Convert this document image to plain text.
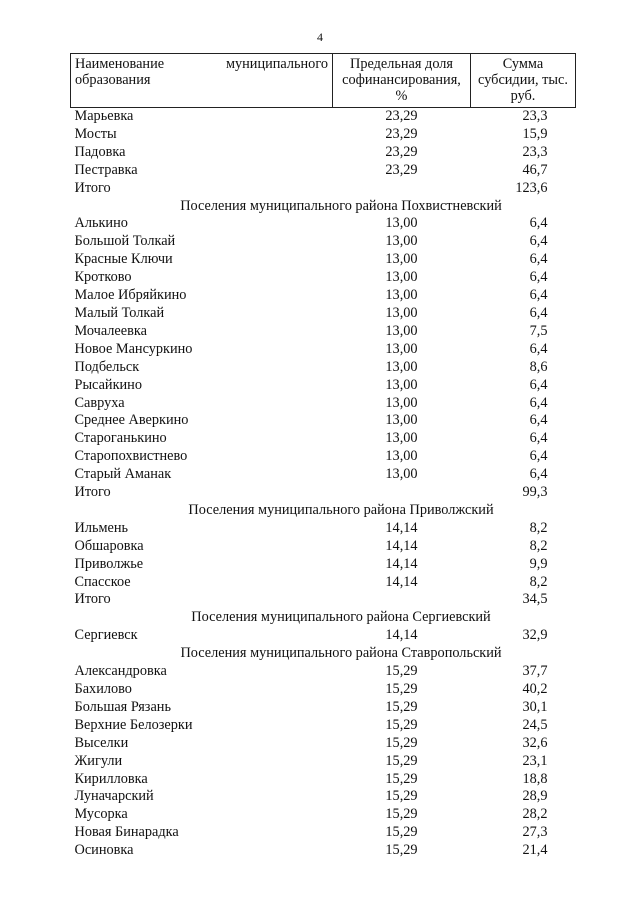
4
Наименование муниципального образования	Предельная доля софинансирования, %	Сумма субсидии, тыс. руб.
Марьевка	23,29	23,3
Мосты	23,29	15,9
Падовка	23,29	23,3
Пестравка	23,29	46,7
Итого		123,6
Поселения муниципального района Похвистневский		
Алькино	13,00	6,4
Большой Толкай	13,00	6,4
Красные Ключи	13,00	6,4
Кротково	13,00	6,4
Малое Ибряйкино	13,00	6,4
Малый Толкай	13,00	6,4
Мочалеевка	13,00	7,5
Новое Мансуркино	13,00	6,4
Подбельск	13,00	8,6
Рысайкино	13,00	6,4
Савруха	13,00	6,4
Среднее Аверкино	13,00	6,4
Староганькино	13,00	6,4
Старопохвистнево	13,00	6,4
Старый Аманак	13,00	6,4
Итого		99,3
Поселения муниципального района Приволжский		
Ильмень	14,14	8,2
Обшаровка	14,14	8,2
Приволжье	14,14	9,9
Спасское	14,14	8,2
Итого		34,5
Поселения муниципального района Сергиевский		
Сергиевск	14,14	32,9
Поселения муниципального района Ставропольский		
Александровка	15,29	37,7
Бахилово	15,29	40,2
Большая Рязань	15,29	30,1
Верхние Белозерки	15,29	24,5
Выселки	15,29	32,6
Жигули	15,29	23,1
Кирилловка	15,29	18,8
Луначарский	15,29	28,9
Мусорка	15,29	28,2
Новая Бинарадка	15,29	27,3
Осиновка	15,29	21,4
